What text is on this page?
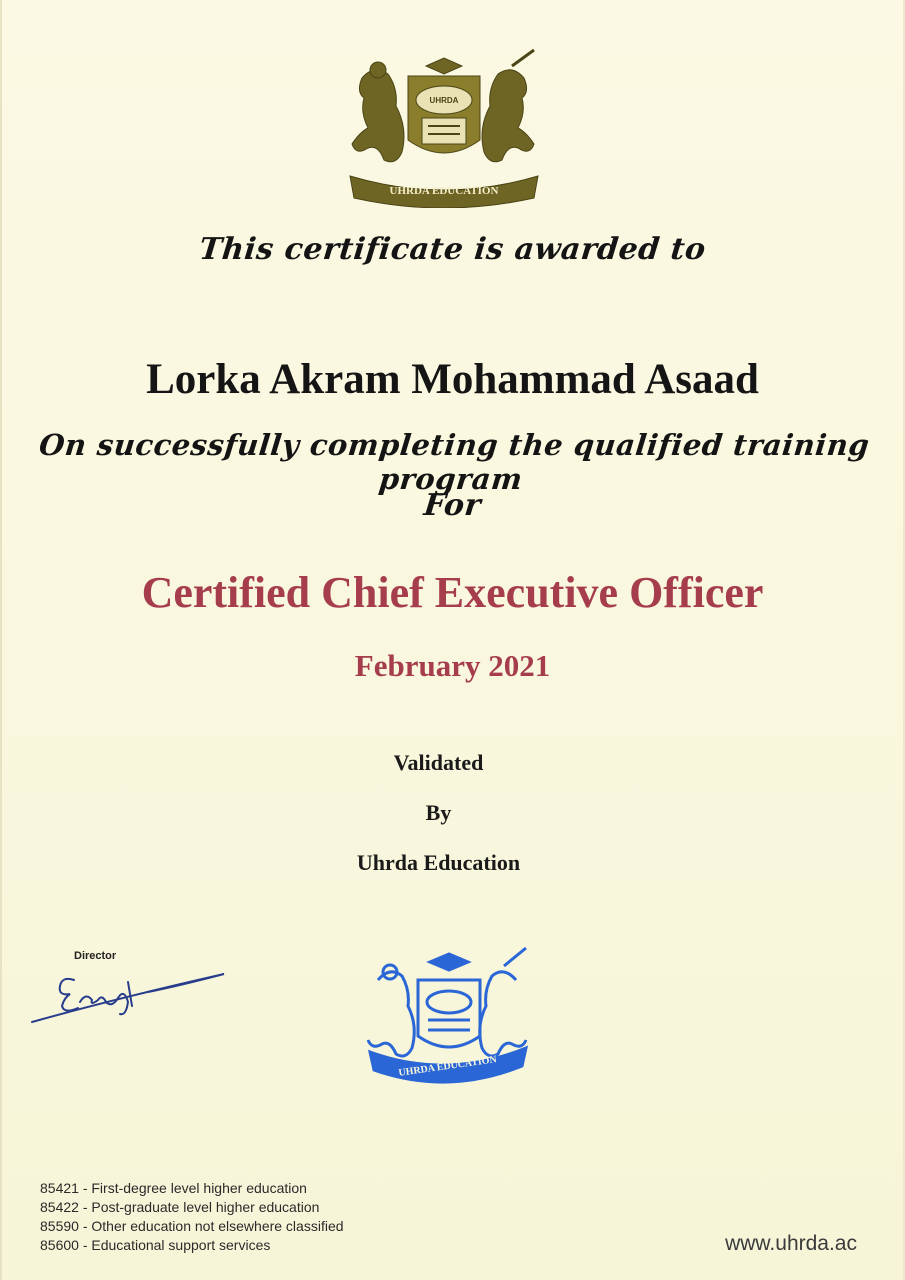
UHRDA EDUCATION
UHRDA
This certificate is awarded to
Lorka Akram Mohammad Asaad
On successfully completing the qualified training program
For
Certified Chief Executive Officer
February 2021
Validated
By
Uhrda Education
Director
UHRDA EDUCATION
85421 - First-degree level higher education
85422 - Post-graduate level higher education
85590 - Other education not elsewhere classified
85600 - Educational support services	www.uhrda.ac
